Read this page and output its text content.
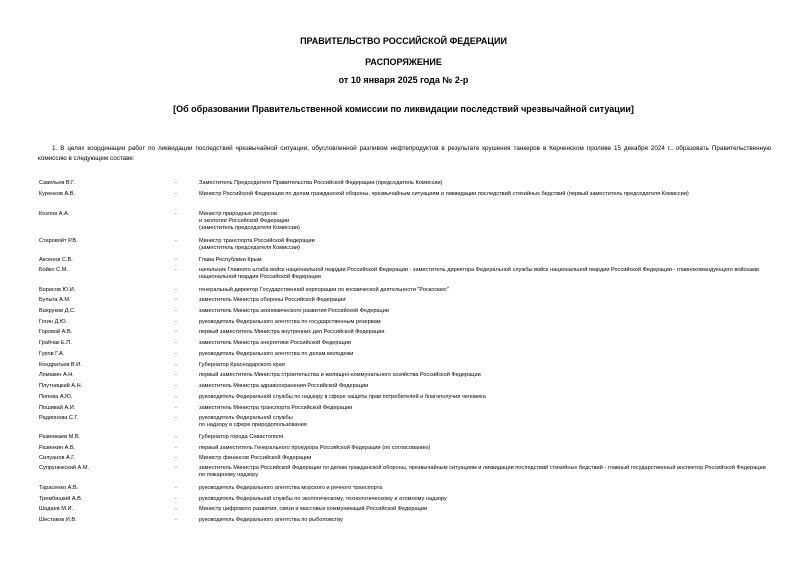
ПРАВИТЕЛЬСТВО РОССИЙСКОЙ ФЕДЕРАЦИИ
РАСПОРЯЖЕНИЕ
от 10 января 2025 года № 2-р
[Об образовании Правительственной комиссии по ликвидации последствий чрезвычайной ситуации]
1. В целях координации работ по ликвидации последствий чрезвычайной ситуации, обусловленной разливом нефтепродуктов в результате крушения танкеров в Керченском проливе 15 декабря 2024 г., образовать Правительственную комиссию в следующем составе:
Савельев В.Г.	-	Заместитель Председателя Правительства Российской Федерации (председатель Комиссии)
Куренков А.В.	-	Министр Российской Федерации по делам гражданской обороны, чрезвычайным ситуациям и ликвидации последствий стихийных бедствий (первый заместитель председателя Комиссии)
Козлов А.А.	-	Министр природных ресурсов
и экологии Российской Федерации
(заместитель председателя Комиссии)
Старовойт Р.В.	-	Министр транспорта Российской Федерации
(заместитель председателя Комиссии)
Аксенов С.В.	-	Глава Республики Крым
Бойко С.М.	-	начальник Главного штаба войск национальной гвардии Российской Федерации - заместитель директора Федеральной службы войск национальной гвардии Российской Федерации - главнокомандующего войсками национальной гвардии Российской Федерации
Борисов Ю.И.	-	генеральный директор Государственной корпорации по космической деятельности "Роскосмос"
Булыга А.М.	-	заместитель Министра обороны Российской Федерации
Вахруков Д.С.	-	заместитель Министра экономического развития Российской Федерации
Гогин Д.Ю.	-	руководитель Федерального агентства по государственным резервам
Горовой А.В.	-	первый заместитель Министра внутренних дел Российской Федерации
Грабчак Е.П.	-	заместитель Министра энергетики Российской Федерации
Гуров Г.А.	-	руководитель Федерального агентства по делам молодежи
Кондратьев В.И.	-	Губернатор Краснодарского края
Ломакин А.Н.	-	первый заместитель Министра строительства и жилищно-коммунального хозяйства Российской Федерации
Плутницкий А.Н.	-	заместитель Министра здравоохранения Российской Федерации
Попова А.Ю.	-	руководитель Федеральной службы по надзору в сфере защиты прав потребителей и благополучия человека
Пошивай А.И.	-	заместитель Министра транспорта Российской Федерации
Радионова С.Г.	-	руководитель Федеральной службы
по надзору в сфере природопользования
Развожаев М.В.	-	Губернатор города Севастополя
Разинкин А.В.	-	первый заместитель Генерального прокурора Российской Федерации (по согласованию)
Силуанов А.Г.	-	Министр финансов Российской Федерации
Супрунюкский А.М.	-	заместитель Министра Российской Федерации по делам гражданской обороны, чрезвычайным ситуациям и ликвидации последствий стихийных бедствий - главный государственный инспектор Российской Федерации по пожарному надзору
Тарасенко А.В.	-	руководитель Федерального агентства морского и речного транспорта
Трембицкий А.В.	-	руководитель Федеральной службы по экологическому, технологическому и атомному надзору
Шадаев М.И.	-	Министр цифрового развития, связи и массовых коммуникаций Российской Федерации
Шестаков И.В.	-	руководитель Федерального агентства по рыболовству
